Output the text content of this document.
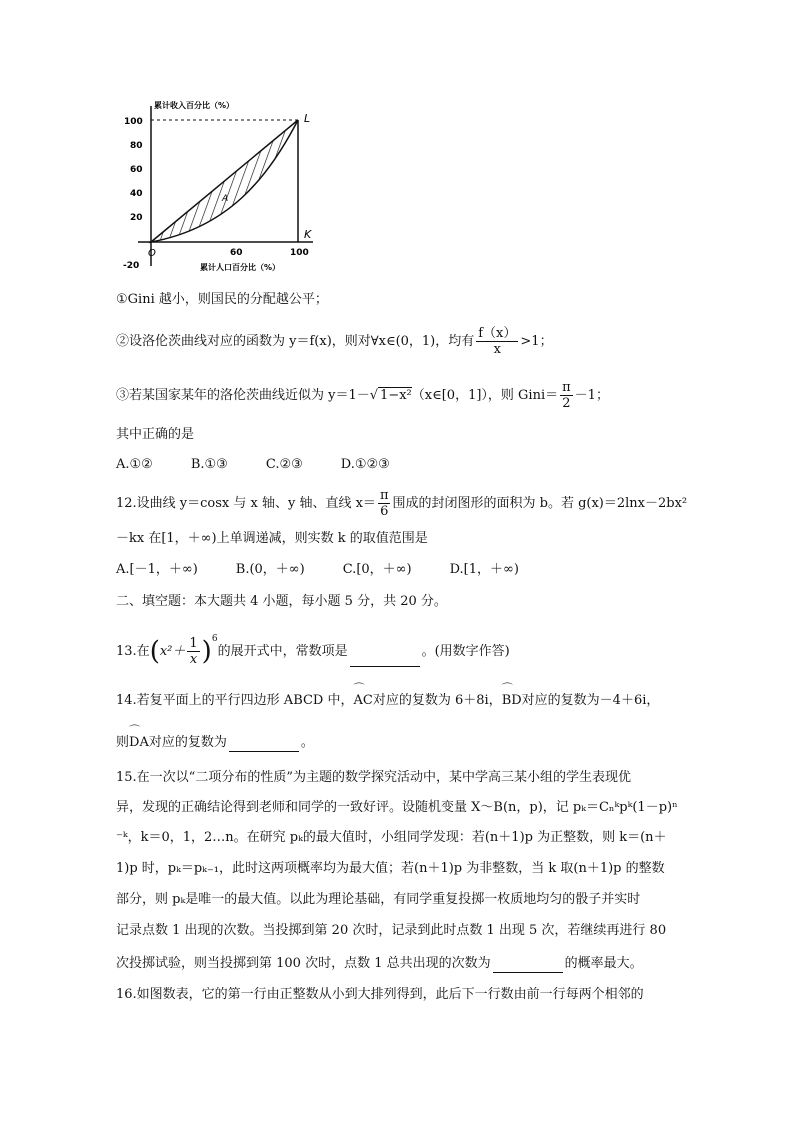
100
80
60
40
20
-20
60	100
累计收入百分比（%）
累计人口百分比（%）
O
L
K
A
①Gini 越小，则国民的分配越公平；
②设洛伦茨曲线对应的函数为 y＝f(x)，则对∀x∈(0，1)，均有 $\frac{f(x)}{x} >1$；
③若某国家某年的洛伦茨曲线近似为 y＝1－√ 1−x²（x∈[0，1]），则 Gini＝ $\frac{\pi}{2} -1$；
其中正确的是
A.①②	B.①③	C.②③	D.①②③
12.设曲线 y＝cosx 与 x 轴、y 轴、直线 $x= \frac{\pi}{6}$ 围成的封闭图形的面积为 b。若 g(x)＝2lnx－2bx²
－kx 在[1，＋∞)上单调递减，则实数 k 的取值范围是
A.[－1，＋∞)	B.(0，＋∞)	C.[0，＋∞)	D.[1，＋∞)
二、填空题：本大题共 4 小题，每小题 5 分，共 20 分。
13.在$(x^2+ \frac{1}{x} )^6$的展开式中，常数项是	。(用数字作答)
14.若复平面上的平行四边形 ABCD 中，⌒ AC对应的复数为 6＋8i，⌒ BD对应的复数为－4＋6i，
则⌒ DA对应的复数为	。
15.在一次以“二项分布的性质”为主题的数学探究活动中，某中学高三某小组的学生表现优
异，发现的正确结论得到老师和同学的一致好评。设随机变量 X～B(n，p)，记 pₖ＝Cₙᵏpᵏ(1－p)ⁿ
⁻ᵏ，k＝0，1，2…n。在研究 pₖ的最大值时，小组同学发现：若(n＋1)p 为正整数，则 k＝(n＋
1)p 时，pₖ＝pₖ₋₁，此时这两项概率均为最大值；若(n＋1)p 为非整数，当 k 取(n＋1)p 的整数
部分，则 pₖ是唯一的最大值。以此为理论基础，有同学重复投掷一枚质地均匀的骰子并实时
记录点数 1 出现的次数。当投掷到第 20 次时，记录到此时点数 1 出现 5 次，若继续再进行 80
次投掷试验，则当投掷到第 100 次时，点数 1 总共出现的次数为	的概率最大。
16.如图数表，它的第一行由正整数从小到大排列得到，此后下一行数由前一行每两个相邻的
